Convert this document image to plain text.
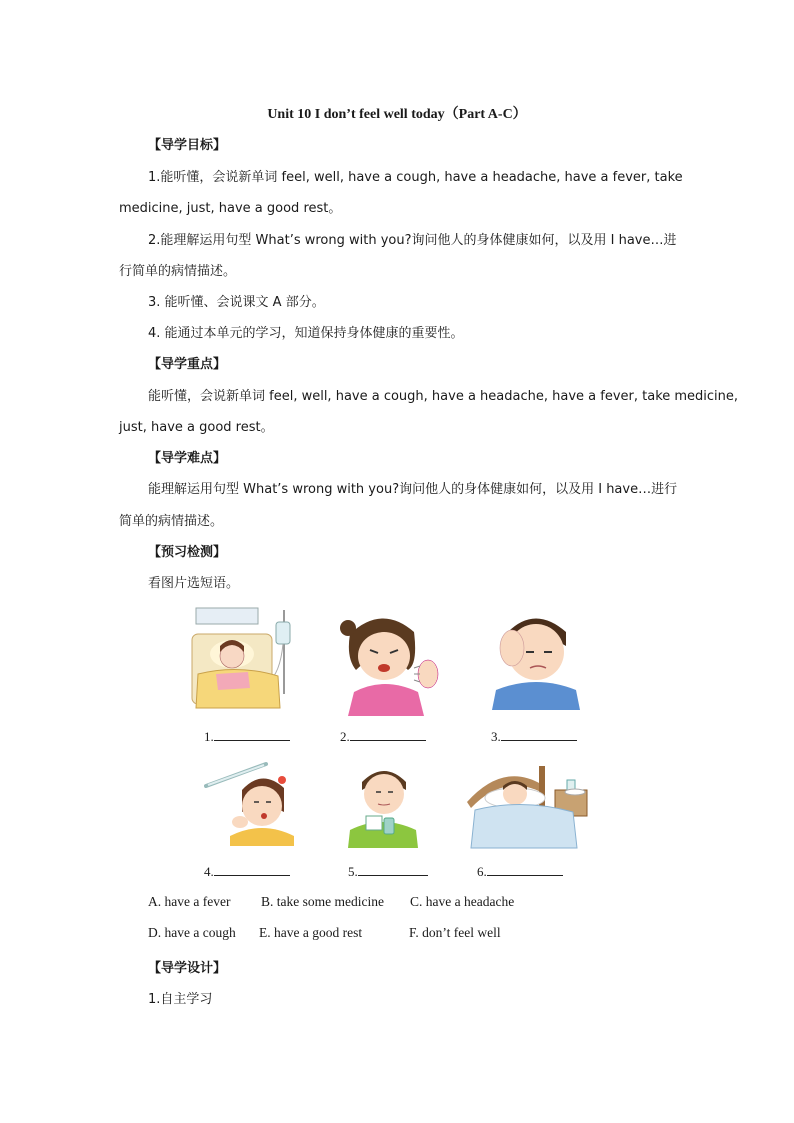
Unit 10 I don’t feel well today（Part A-C）
【导学目标】
1.能听懂，会说新单词 feel, well, have a cough, have a headache, have a fever, take
medicine, just, have a good rest。
2.能理解运用句型 What’s wrong with you?询问他人的身体健康如何，以及用 I have…进
行简单的病情描述。
3. 能听懂、会说课文 A 部分。
4. 能通过本单元的学习，知道保持身体健康的重要性。
【导学重点】
能听懂，会说新单词 feel, well, have a cough, have a headache, have a fever, take medicine,
just, have a good rest。
【导学难点】
能理解运用句型 What’s wrong with you?询问他人的身体健康如何，以及用 I have…进行
简单的病情描述。
【预习检测】
看图片选短语。
1.	2.	3.
4.	5.	6.
A. have a fever B. take some medicine C. have a headache
D. have a cough E. have a good rest	F. don’t feel well
【导学设计】
1.自主学习
